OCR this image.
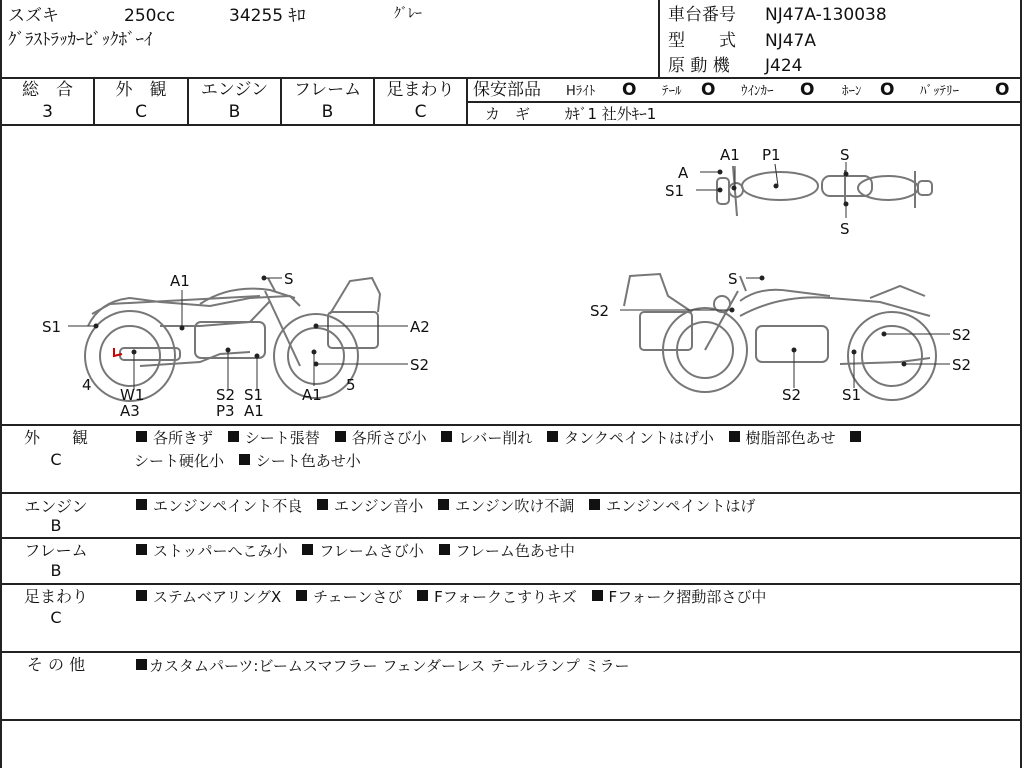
スズキ	250cc	34255 ｷﾛ	ｸﾞﾚｰ
ｸﾞﾗｽﾄﾗｯｶｰﾋﾞｯｸﾎﾞｰｲ
車台番号 NJ47A-130038
型　　式 NJ47A
原 動 機 J424
総　合
3
外　観
C
エンジン
B
フレーム
B
足まわり
C
保安部品 Hﾗｲﾄ O ﾃｰﾙ O ｳｲﾝｶｰ O ﾎｰﾝ O ﾊﾞｯﾃﾘｰ O
カ　ギ ｶｷﾞ1 社外ｷｰ1
A
A1 P1	S
S1
S
A1	S
S1	A2
S2
4
W1
A3
S2
P3
S1
A1
A1
5
S
S2
S2
S2
S2	S1
外　　観
C
各所きず シート張替 各所さび小 レバー削れ タンクペイントはげ小 樹脂部色あせ
シート硬化小 シート色あせ小
エンジン
B
エンジンペイント不良 エンジン音小 エンジン吹け不調 エンジンペイントはげ
フレーム
B
ストッパーへこみ小 フレームさび小 フレーム色あせ中
足まわり
C
ステムベアリングX チェーンさび Fフォークこすりキズ Fフォーク摺動部さび中
そ の 他	カスタムパーツ:ビームスマフラー フェンダーレス テールランプ ミラー
